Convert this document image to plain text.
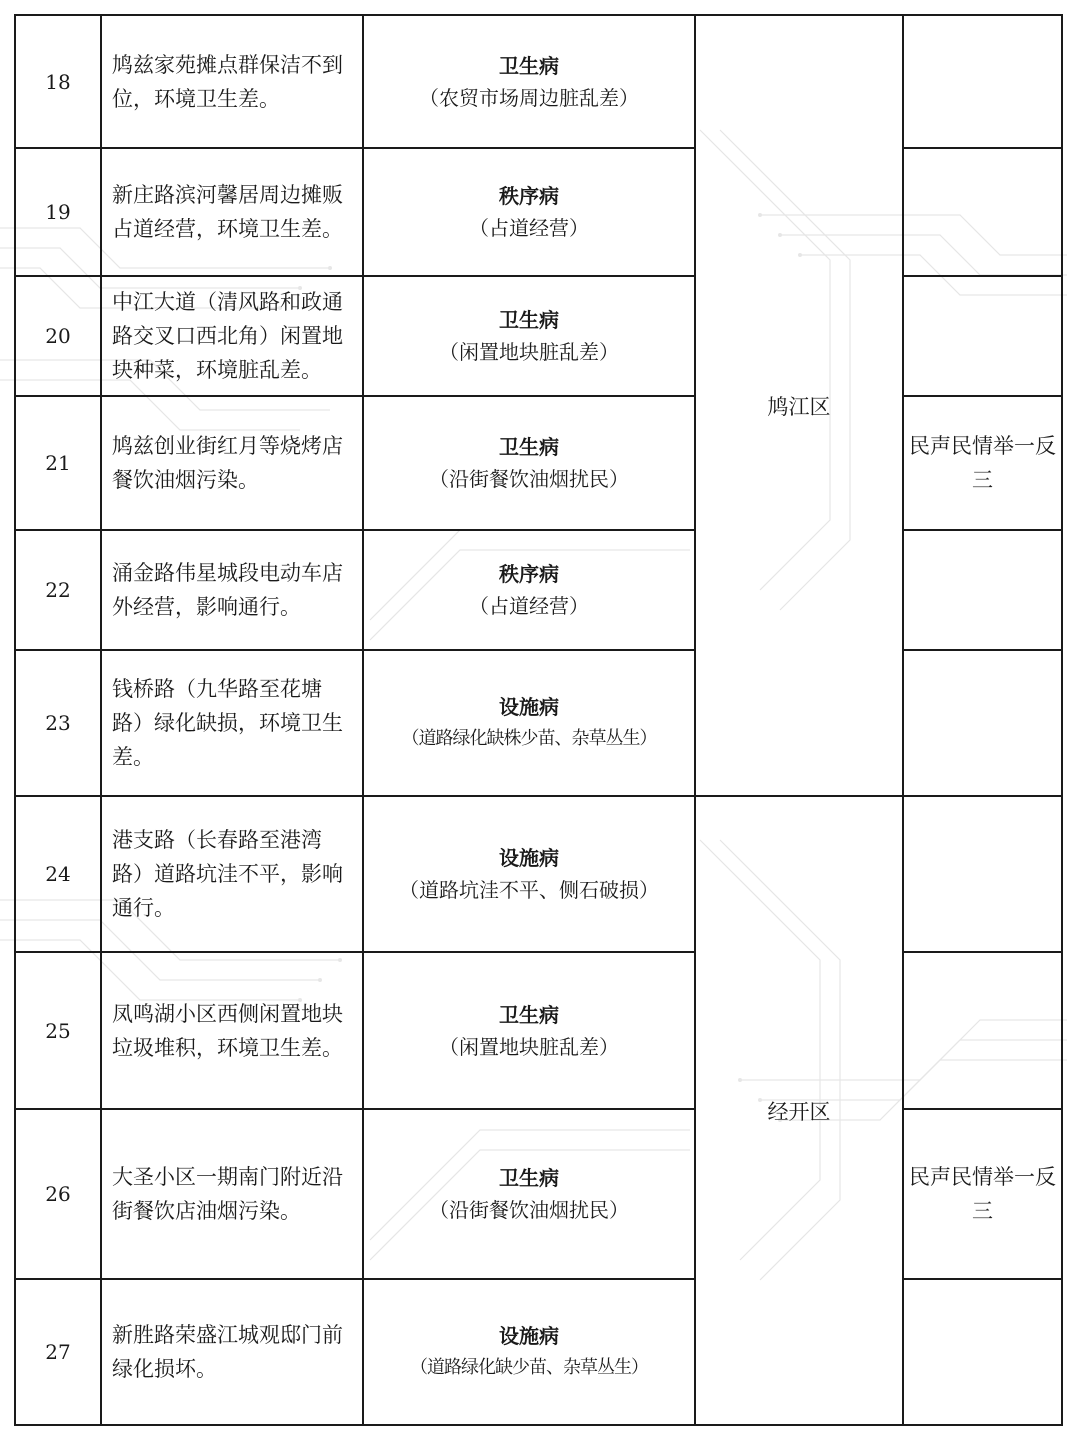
18	鸠兹家苑摊点群保洁不到位，环境卫生差。	卫生病
（农贸市场周边脏乱差）	鸠江区	
19	新庄路滨河馨居周边摊贩占道经营，环境卫生差。	秩序病
（占道经营）		

20	中江大道（清风路和政通路交叉口西北角）闲置地块种菜，环境脏乱差。	卫生病
（闲置地块脏乱差）		

21	鸠兹创业街红月等烧烤店餐饮油烟污染。	卫生病
（沿街餐饮油烟扰民）		民声民情举一反三
22	涌金路伟星城段电动车店外经营，影响通行。	秩序病
（占道经营）		

23	钱桥路（九华路至花塘路）绿化缺损，环境卫生差。	设施病
（道路绿化缺株少苗、杂草丛生）		

24	港支路（长春路至港湾路）道路坑洼不平，影响通行。	设施病
（道路坑洼不平、侧石破损）	经开区	
25	凤鸣湖小区西侧闲置地块垃圾堆积，环境卫生差。	卫生病
（闲置地块脏乱差）		

26	大圣小区一期南门附近沿街餐饮店油烟污染。	卫生病
（沿街餐饮油烟扰民）		民声民情举一反三
27	新胜路荣盛江城观邸门前绿化损坏。	设施病
（道路绿化缺少苗、杂草丛生）		
